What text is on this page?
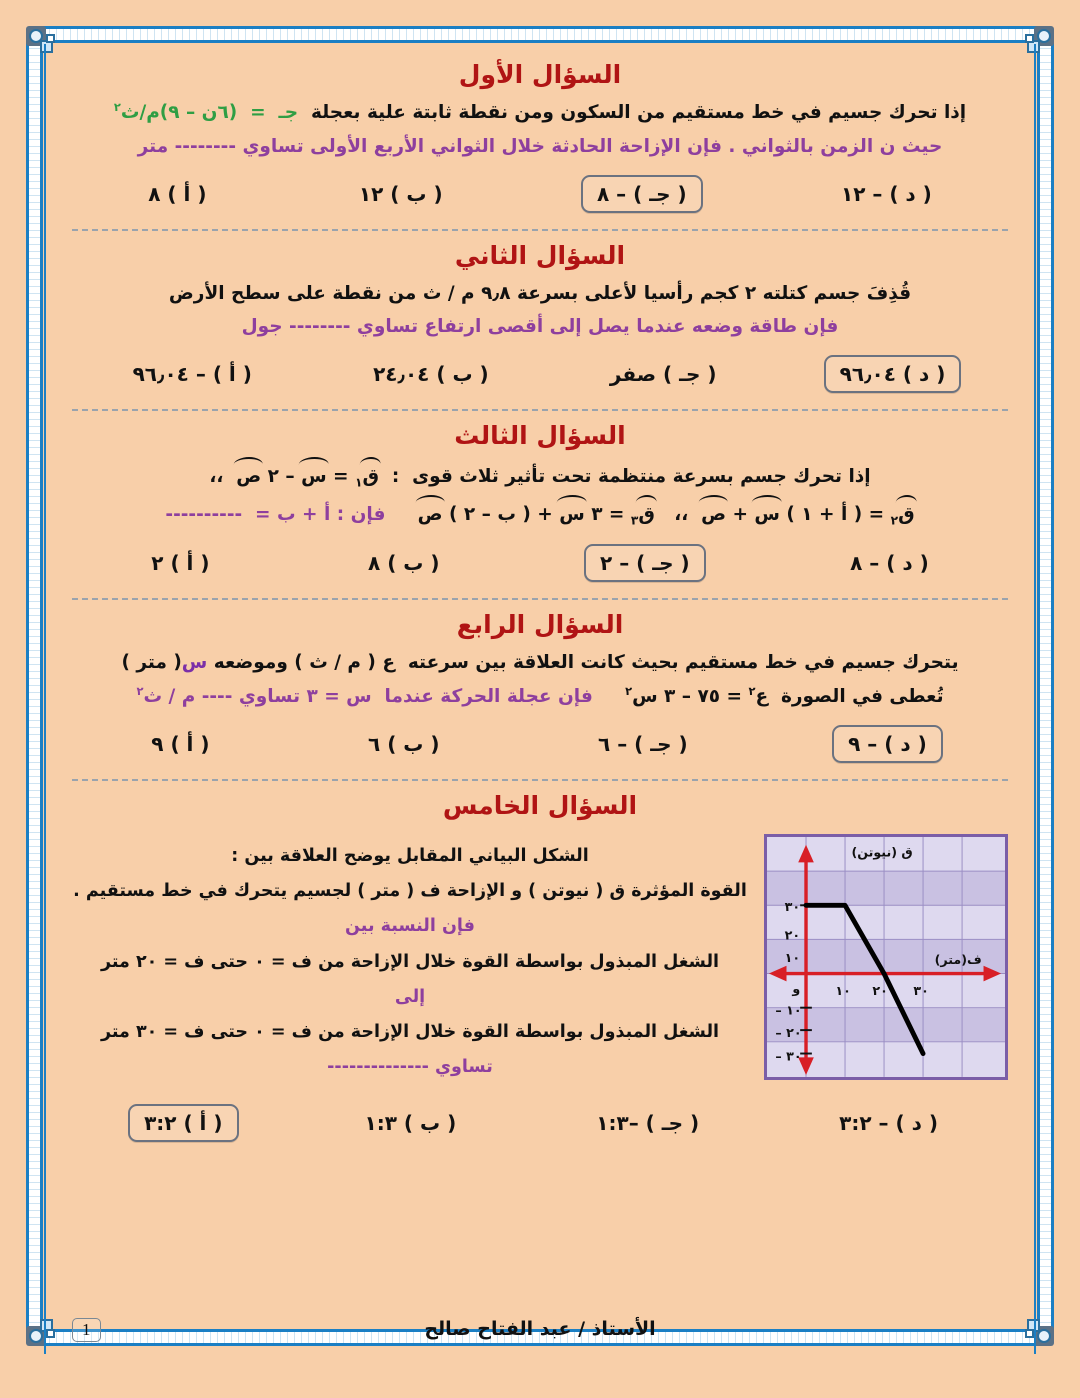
السؤال الأول
إذا تحرك جسيم في خط مستقيم من السكون ومن نقطة ثابتة علية بعجلة  جـ  =  (٦ن – ٩)م/ث$^٢$
حيث ن الزمن بالثواني . فإن الإزاحة الحادثة خلال الثواني الأربع الأولى تساوي -------- متر
( د ) – ١٢
( جـ ) – ٨
( ب ) ١٢
( أ ) ٨
السؤال الثاني
قُذِفَ جسم كتلته ٢ كجم رأسيا لأعلى بسرعة ٩٫٨ م / ث من نقطة على سطح الأرض
فإن طاقة وضعه عندما يصل إلى أقصى ارتفاع تساوي -------- جول
( د ) ٩٦٫٠٤
( جـ ) صفر
( ب ) ٢٤٫٠٤
( أ ) – ٩٦٫٠٤
السؤال الثالث
إذا تحرك جسم بسرعة منتظمة تحت تأثير ثلاث قوى  :  ق$_١$ = س – ٢ ص  ،،
ق$_٢$ = ( أ + ١ ) س + ص  ،،   ق$_٣$ = ٣ س + ( ب – ٢ ) ص     فإن : أ + ب =  ----------
( د ) – ٨
( جـ ) – ٢
( ب ) ٨
( أ ) ٢
السؤال الرابع
يتحرك جسيم في خط مستقيم بحيث كانت العلاقة بين سرعته  ع ( م / ث ) وموضعه س( متر )
تُعطى في الصورة  ع$^٢$ = ٧٥ – ٣ س$^٢$     فإن عجلة الحركة عندما  س = ٣ تساوي ---- م / ث$^٢$
( د ) – ٩
( جـ ) – ٦
( ب ) ٦
( أ ) ٩
السؤال الخامس
الشكل البياني المقابل يوضح العلاقة بين :
القوة المؤثرة ق ( نيوتن ) و الإزاحة ف ( متر ) لجسيم يتحرك في خط مستقيم .
فإن النسبة بين
الشغل المبذول بواسطة القوة خلال الإزاحة من ف = ٠ حتى ف = ٢٠ متر
إلى
الشغل المبذول بواسطة القوة خلال الإزاحة من ف = ٠ حتى ف = ٣٠ متر
تساوي --------------
ق (نيوتن)
ف(متر)
٣٠
٢٠
١٠
و
١٠ –
٢٠ –
٣٠ –
١٠ ٢٠ ٣٠
( د ) – ٣:٢
( جـ ) –١:٣
( ب ) ١:٣
( أ ) ٣:٢
1	الأستاذ / عبد الفتاح صالح
